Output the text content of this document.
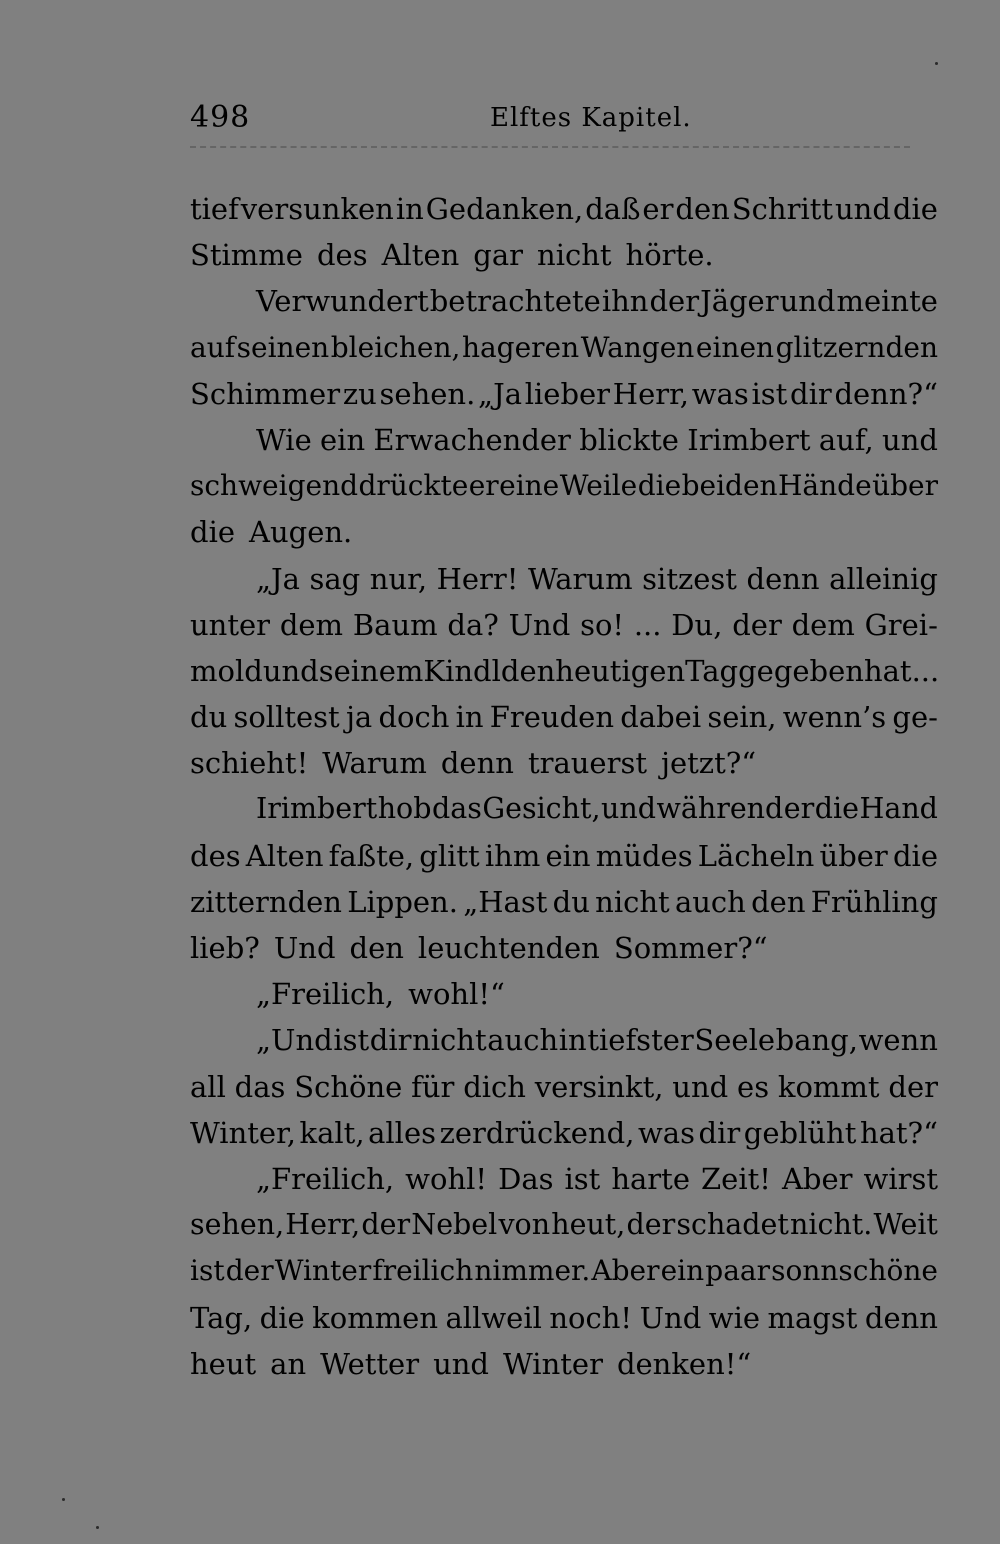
498	Elftes Kapitel.
tief versunken in Gedanken, daß er den Schritt und die
Stimme des Alten gar nicht hörte.
Verwundert betrachtete ihn der Jäger und meinte
auf seinen bleichen, hageren Wangen einen glitzernden
Schimmer zu sehen. „Ja lieber Herr, was ist dir denn?“
Wie ein Erwachender blickte Irimbert auf, und
schweigend drückte er eine Weile die beiden Hände über
die Augen.
„Ja sag nur, Herr! Warum sitzest denn alleinig
unter dem Baum da? Und so! ... Du, der dem Grei-
mold und seinem Kindl den heutigen Tag gegeben hat ...
du solltest ja doch in Freuden dabei sein, wenn’s ge-
schieht! Warum denn trauerst jetzt?“
Irimbert hob das Gesicht, und während er die Hand
des Alten faßte, glitt ihm ein müdes Lächeln über die
zitternden Lippen. „Hast du nicht auch den Frühling
lieb? Und den leuchtenden Sommer?“
„Freilich, wohl!“
„Und ist dir nicht auch in tiefster Seele bang, wenn
all das Schöne für dich versinkt, und es kommt der
Winter, kalt, alles zerdrückend, was dir geblüht hat?“
„Freilich, wohl! Das ist harte Zeit! Aber wirst
sehen, Herr, der Nebel von heut, der schadet nicht. Weit
ist der Winter freilich nimmer. Aber ein paar sonnschöne
Tag, die kommen allweil noch! Und wie magst denn
heut an Wetter und Winter denken!“
